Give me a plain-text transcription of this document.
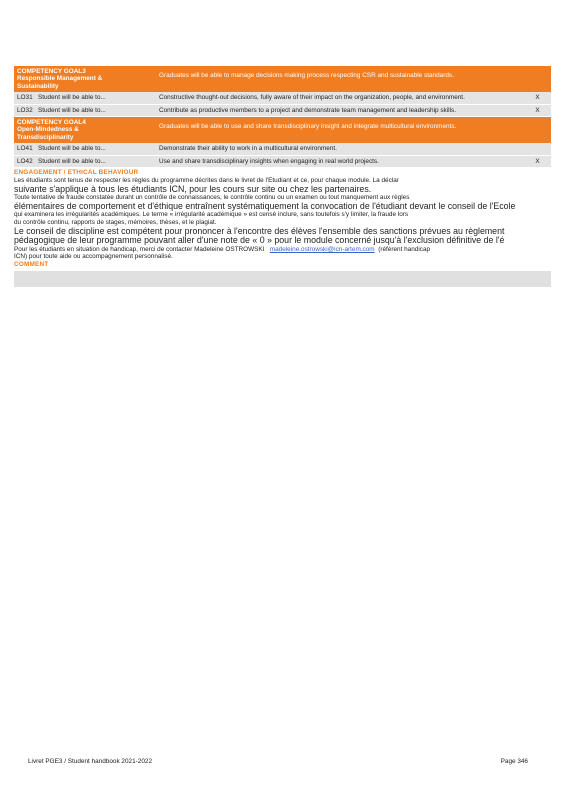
COMPETENCY GOAL3
Responsible Management &
Sustainability
Graduates will be able to manage decisions making process respecting CSR and sustainable standards.
LO31 Student will be able to...	Constructive thought-out decisions, fully aware of their impact on the organization, people, and environment.	X
LO32 Student will be able to...	Contribute as productive members to a project and demonstrate team management and leadership skills.	X
COMPETENCY GOAL4
Open-Mindedness &
Transdisciplinarity
Graduates will be able to use and share transdisciplinary insight and integrate multicultural environments.
LO41 Student will be able to...	Demonstrate their ability to work in a multicultural environment.
LO42 Student will be able to...	Use and share transdisciplinary insights when engaging in real world projects.	X
ENGAGEMENT / ETHICAL BEHAVIOUR
Les étudiants sont tenus de respecter les règles du programme décrites dans le livret de l'Etudiant et ce, pour chaque module. La déclar
suivante s'applique à tous les étudiants ICN, pour les cours sur site ou chez les partenaires.
Toute tentative de fraude constatée durant un contrôle de connaissances, le contrôle continu ou un examen ou tout manquement aux règles
élémentaires de comportement et d'éthique entraînent systématiquement la convocation de l'étudiant devant le conseil de l'Ecole
qui examinera les irrégularités académiques. Le terme « irrégularité académique » est censé inclure, sans toutefois s'y limiter, la fraude lors
du contrôle continu, rapports de stages, mémoires, thèses, et le plagiat.
Le conseil de discipline est compétent pour prononcer à l'encontre des élèves l'ensemble des sanctions prévues au règlement
pédagogique de leur programme pouvant aller d'une note de « 0 » pour le module concerné jusqu'à l'exclusion définitive de l'é
Pour les étudiants en situation de handicap, merci de contacter Madeleine OSTROWSKI madeleine.ostrowski@icn-artem.com (référent handicap
ICN) pour toute aide ou accompagnement personnalisé.
COMMENT
Livret PGE3 / Student handbook 2021-2022	Page 346
